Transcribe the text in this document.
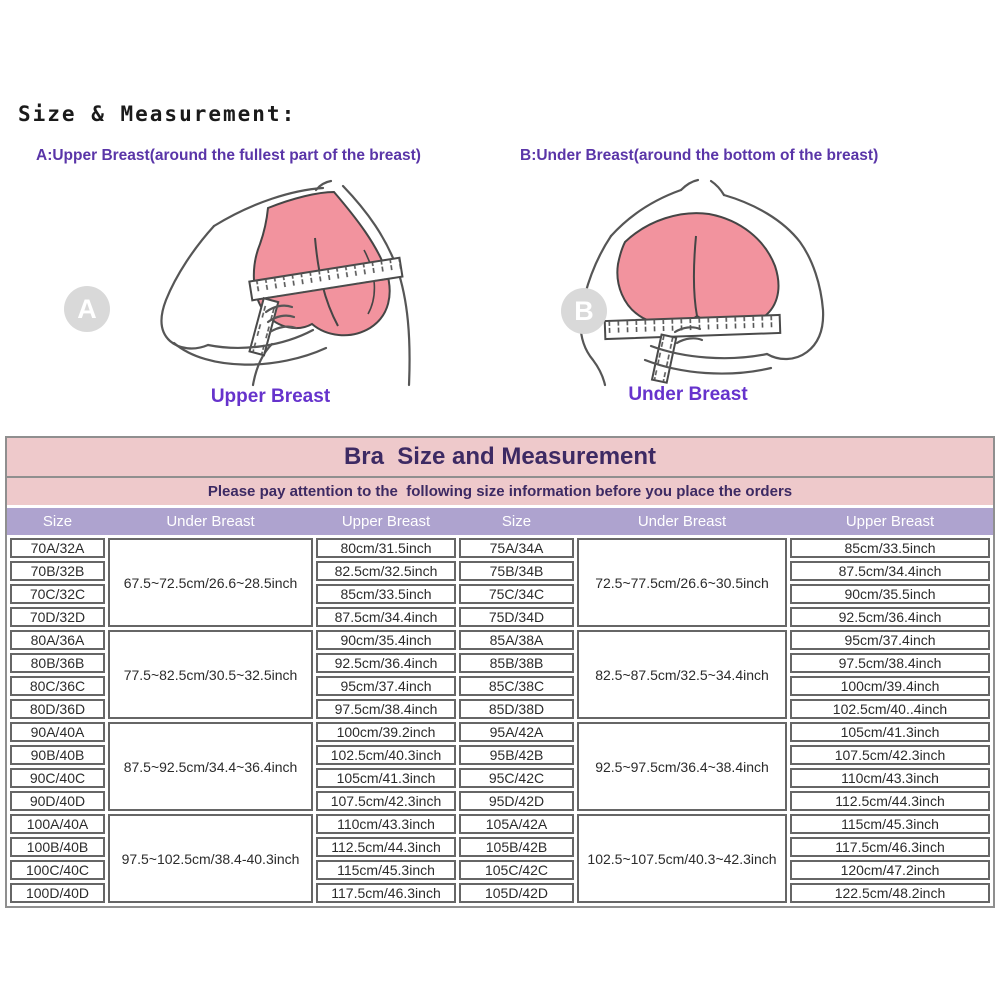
Size & Measurement:
A:Upper Breast(around the fullest part of the breast)	B:Under Breast(around the bottom of the breast)
A	B
Upper Breast	Under Breast
Bra  Size and Measurement
Please pay attention to the  following size information before you place the orders
Size	Under Breast	Upper Breast	Size	Under Breast	Upper Breast
70A/32A	67.5~72.5cm/26.6~28.5inch	80cm/31.5inch	75A/34A	72.5~77.5cm/26.6~30.5inch	85cm/33.5inch
70B/32B		82.5cm/32.5inch	75B/34B		87.5cm/34.4inch
70C/32C		85cm/33.5inch	75C/34C		90cm/35.5inch
70D/32D		87.5cm/34.4inch	75D/34D		92.5cm/36.4inch
80A/36A	77.5~82.5cm/30.5~32.5inch	90cm/35.4inch	85A/38A	82.5~87.5cm/32.5~34.4inch	95cm/37.4inch
80B/36B		92.5cm/36.4inch	85B/38B		97.5cm/38.4inch
80C/36C		95cm/37.4inch	85C/38C		100cm/39.4inch
80D/36D		97.5cm/38.4inch	85D/38D		102.5cm/40..4inch
90A/40A	87.5~92.5cm/34.4~36.4inch	100cm/39.2inch	95A/42A	92.5~97.5cm/36.4~38.4inch	105cm/41.3inch
90B/40B		102.5cm/40.3inch	95B/42B		107.5cm/42.3inch
90C/40C		105cm/41.3inch	95C/42C		110cm/43.3inch
90D/40D		107.5cm/42.3inch	95D/42D		112.5cm/44.3inch
100A/40A	97.5~102.5cm/38.4-40.3inch	110cm/43.3inch	105A/42A	102.5~107.5cm/40.3~42.3inch	115cm/45.3inch
100B/40B		112.5cm/44.3inch	105B/42B		117.5cm/46.3inch
100C/40C		115cm/45.3inch	105C/42C		120cm/47.2inch
100D/40D		117.5cm/46.3inch	105D/42D		122.5cm/48.2inch
